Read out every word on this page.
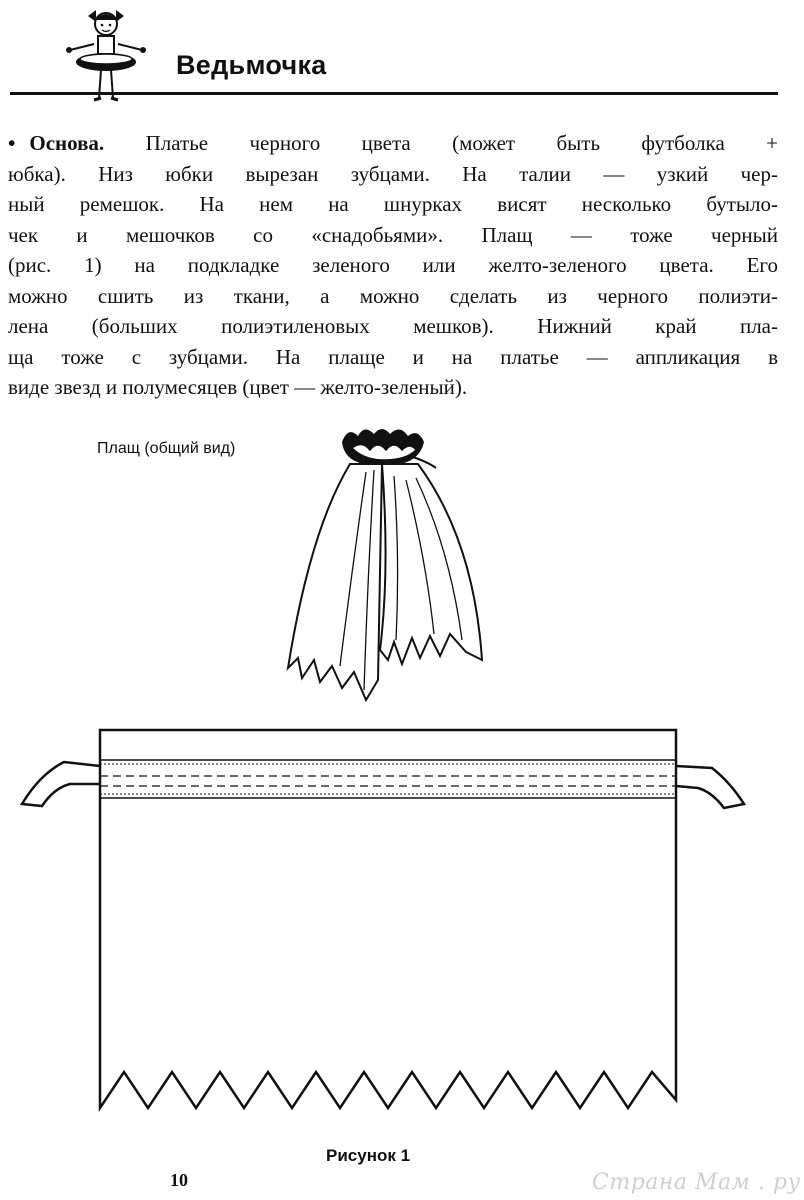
Ведьмочка
• Основа. Платье черного цвета (может быть футболка +
юбка). Низ юбки вырезан зубцами. На талии — узкий чер-
ный ремешок. На нем на шнурках висят несколько бутыло-
чек и мешочков со «снадобьями». Плащ — тоже черный
(рис. 1) на подкладке зеленого или желто-зеленого цвета. Его
можно сшить из ткани, а можно сделать из черного полиэти-
лена (больших полиэтиленовых мешков). Нижний край пла-
ща тоже с зубцами. На плаще и на платье — аппликация в
виде звезд и полумесяцев (цвет — желто-зеленый).
Плащ (общий вид)
Рисунок 1
10	Страна Мам . ру
